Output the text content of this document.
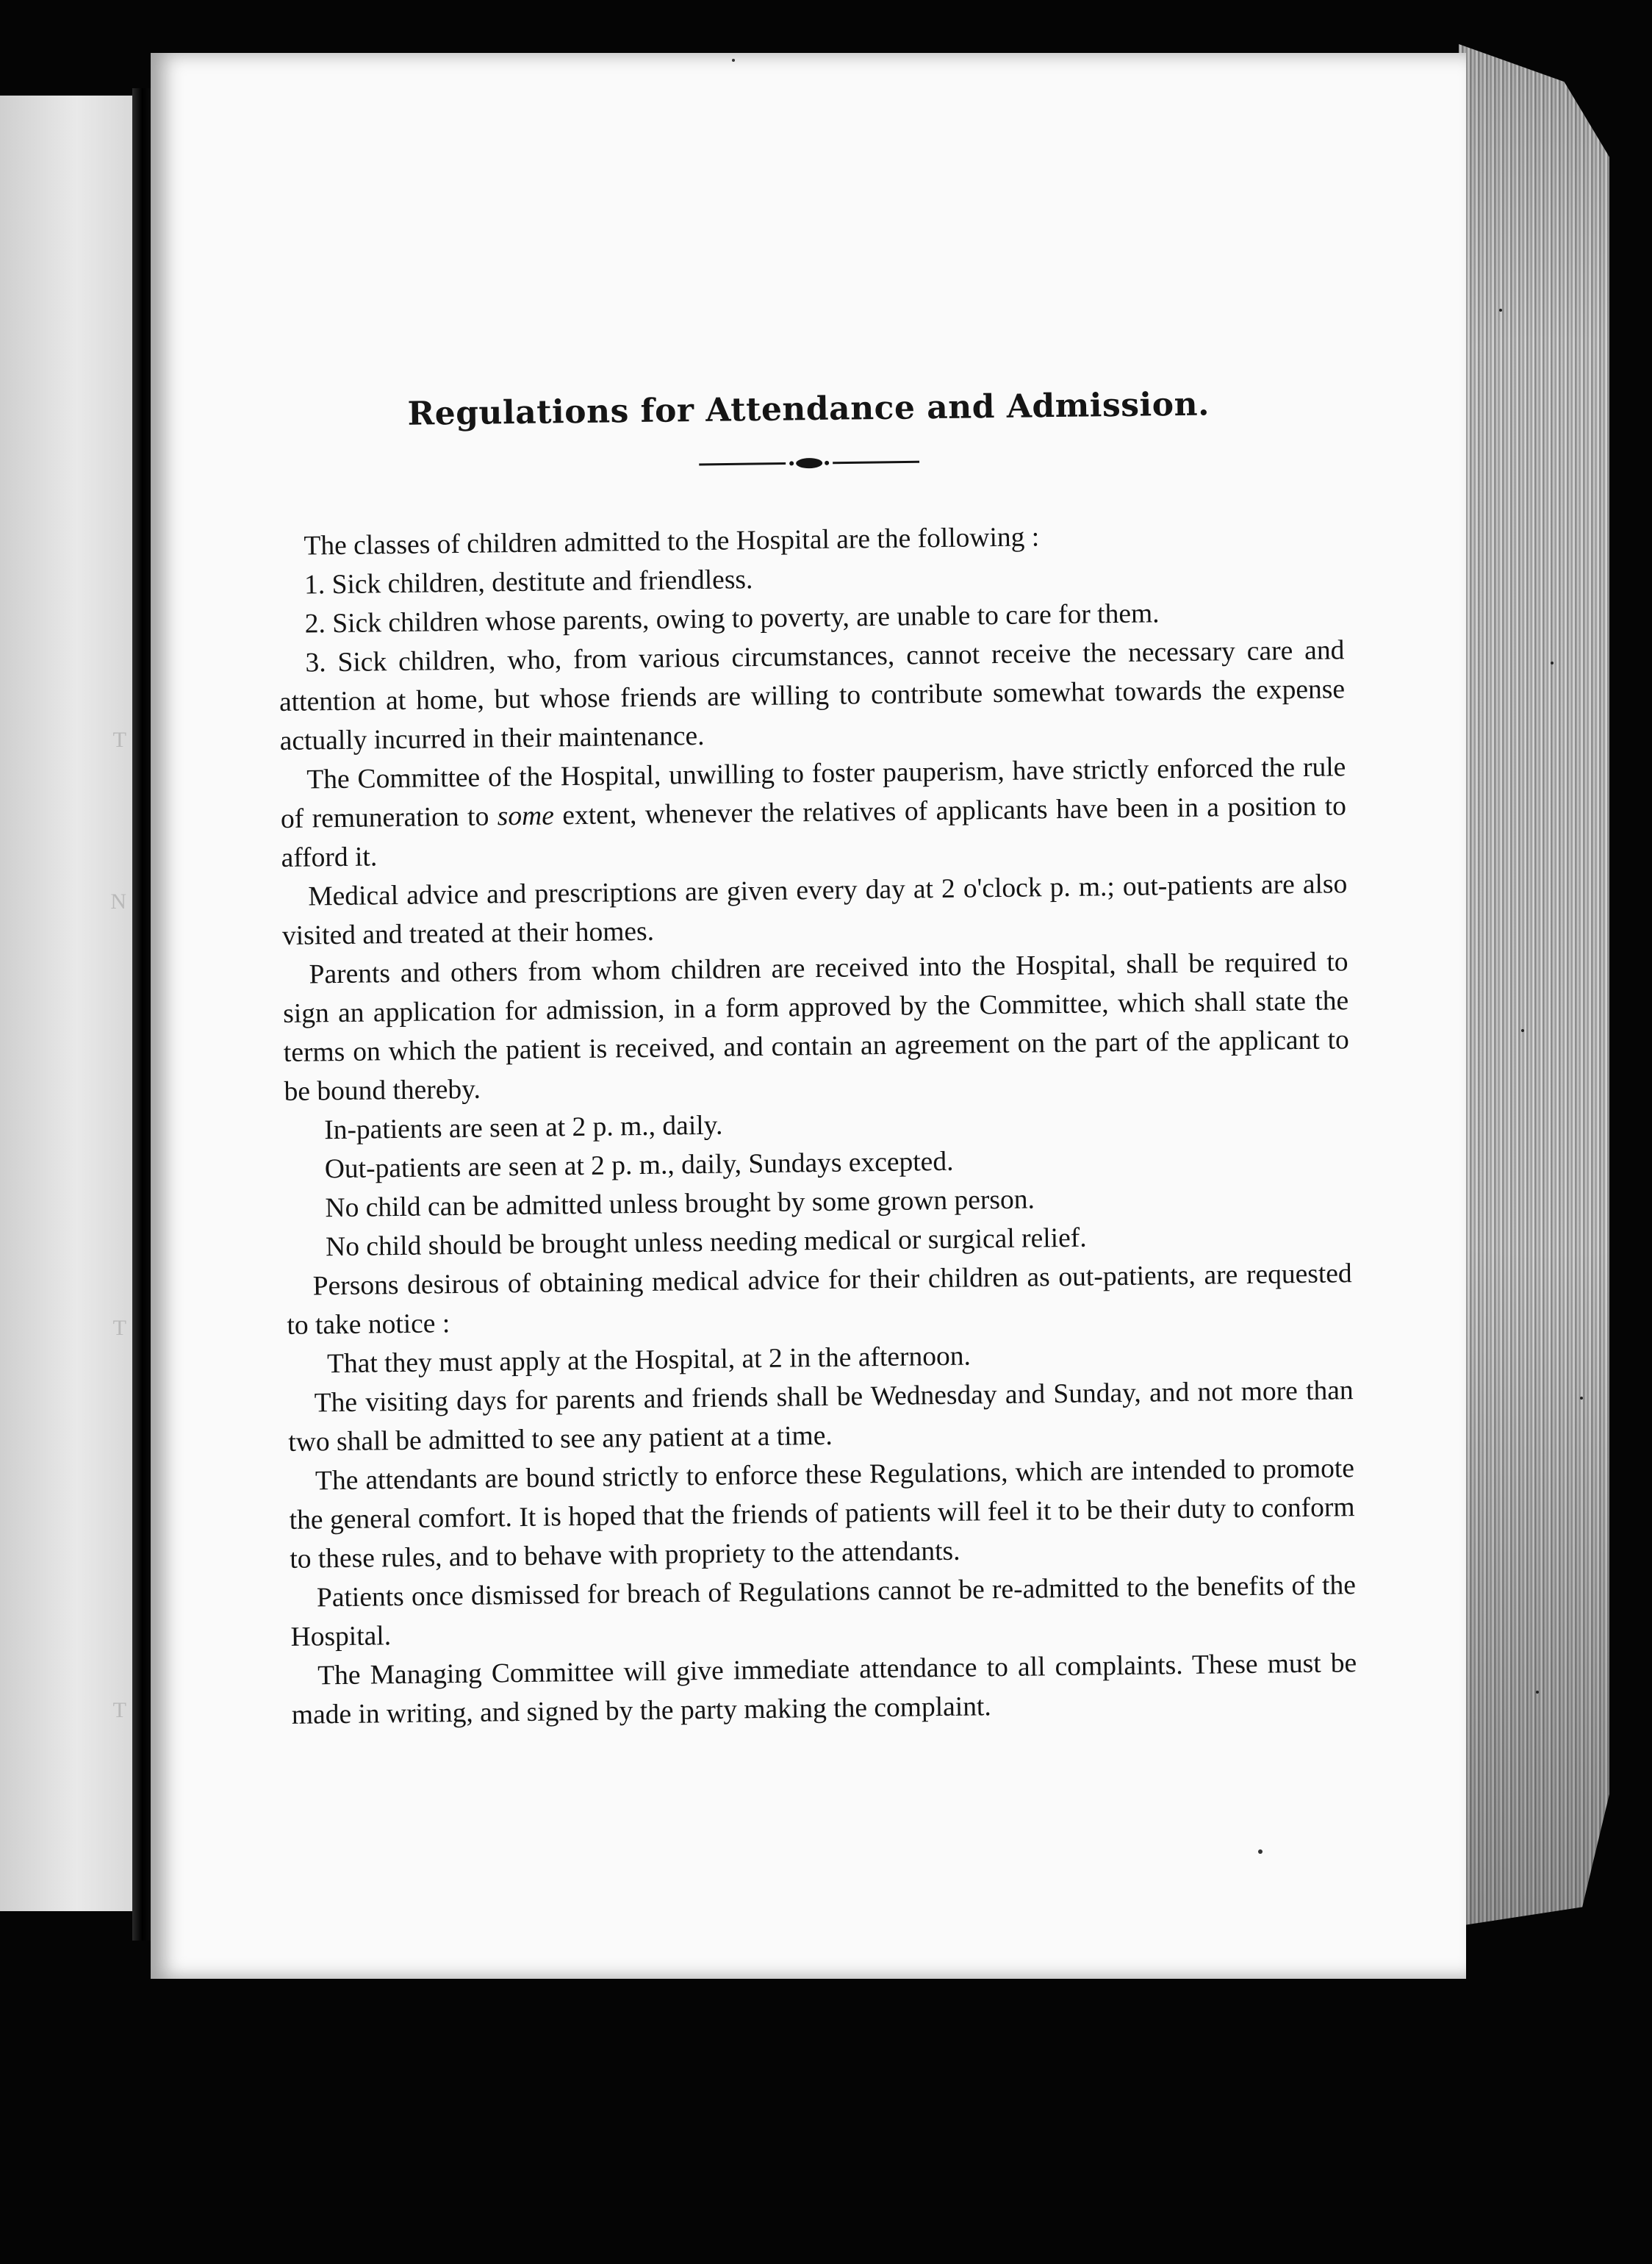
T
N
T
T
Regulations for Attendance and Admission.

The classes of children admitted to the Hospital are the following :

1. Sick children, destitute and friendless.

2. Sick children whose parents, owing to poverty, are unable to care for them.

3. Sick children, who, from various circumstances, cannot receive the necessary care and attention at home, but whose friends are willing to contribute somewhat towards the expense actually incurred in their maintenance.

The Committee of the Hospital, unwilling to foster pauperism, have strictly enforced the rule of remuneration to some extent, whenever the relatives of applicants have been in a position to afford it.

Medical advice and prescriptions are given every day at 2 o'clock p. m.; out-patients are also visited and treated at their homes.

Parents and others from whom children are received into the Hospital, shall be required to sign an application for admission, in a form approved by the Committee, which shall state the terms on which the patient is received, and contain an agreement on the part of the applicant to be bound thereby.

In-patients are seen at 2 p. m., daily.

Out-patients are seen at 2 p. m., daily, Sundays excepted.

No child can be admitted unless brought by some grown person.

No child should be brought unless needing medical or surgical relief.

Persons desirous of obtaining medical advice for their children as out-patients, are requested to take notice :

That they must apply at the Hospital, at 2 in the afternoon.

The visiting days for parents and friends shall be Wednesday and Sunday, and not more than two shall be admitted to see any patient at a time.

The attendants are bound strictly to enforce these Regulations, which are intended to promote the general comfort. It is hoped that the friends of patients will feel it to be their duty to conform to these rules, and to behave with propriety to the attendants.

Patients once dismissed for breach of Regulations cannot be re-admitted to the benefits of the Hospital.

The Managing Committee will give immediate attendance to all complaints. These must be made in writing, and signed by the party making the complaint.
